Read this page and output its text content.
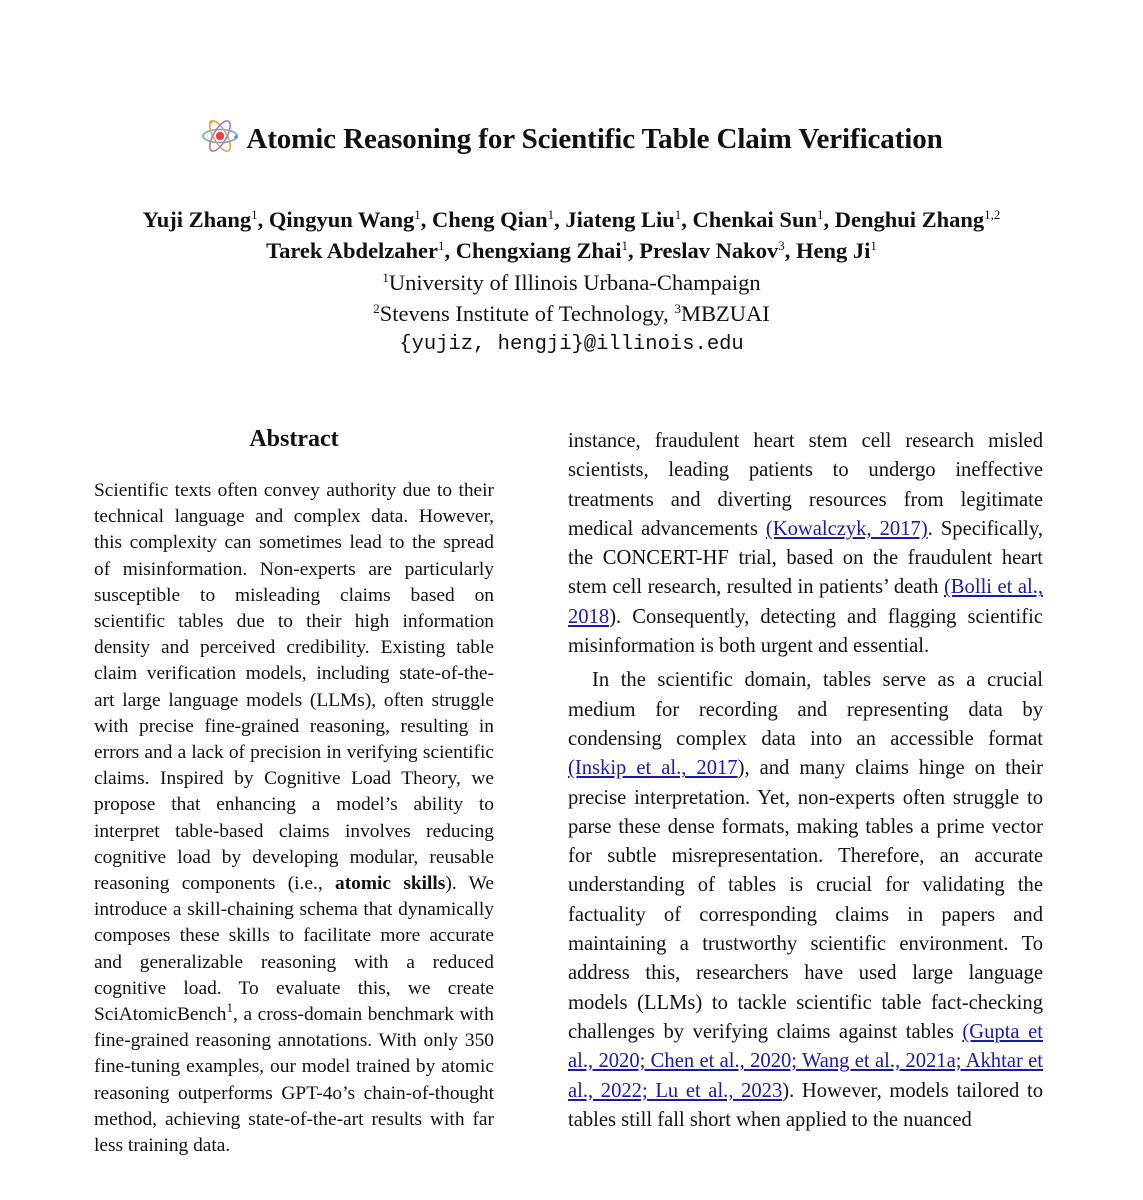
Atomic Reasoning for Scientific Table Claim Verification
Yuji Zhang$^1$, Qingyun Wang$^1$, Cheng Qian$^1$, Jiateng Liu$^1$, Chenkai Sun$^1$, Denghui Zhang$^{1,2}$
Tarek Abdelzaher$^1$, Chengxiang Zhai$^1$, Preslav Nakov$^3$, Heng Ji$^1$
$^1$University of Illinois Urbana-Champaign
$^2$Stevens Institute of Technology, $^3$MBZUAI
{yujiz, hengji}@illinois.edu
Abstract

Scientific texts often convey authority due to their technical language and complex data. However, this complexity can sometimes lead to the spread of misinformation. Non-experts are particularly susceptible to misleading claims based on scientific tables due to their high information density and perceived credibility. Existing table claim verification models, including state-of-the-art large language models (LLMs), often struggle with precise fine-grained reasoning, resulting in errors and a lack of precision in verifying scientific claims. Inspired by Cognitive Load Theory, we propose that enhancing a model’s ability to interpret table-based claims involves reducing cognitive load by developing modular, reusable reasoning components (i.e., atomic skills). We introduce a skill-chaining schema that dynamically composes these skills to facilitate more accurate and generalizable reasoning with a reduced cognitive load. To evaluate this, we create SciAtomicBench$^1$, a cross-domain benchmark with fine-grained reasoning annotations. With only 350 fine-tuning examples, our model trained by atomic reasoning outperforms GPT-4o’s chain-of-thought method, achieving state-of-the-art results with far less training data.

instance, fraudulent heart stem cell research misled scientists, leading patients to undergo ineffective treatments and diverting resources from legitimate medical advancements (Kowalczyk, 2017). Specifically, the CONCERT-HF trial, based on the fraudulent heart stem cell research, resulted in patients’ death (Bolli et al., 2018). Consequently, detecting and flagging scientific misinformation is both urgent and essential.

In the scientific domain, tables serve as a crucial medium for recording and representing data by condensing complex data into an accessible format (Inskip et al., 2017), and many claims hinge on their precise interpretation. Yet, non-experts often struggle to parse these dense formats, making tables a prime vector for subtle misrepresentation. Therefore, an accurate understanding of tables is crucial for validating the factuality of corresponding claims in papers and maintaining a trustworthy scientific environment. To address this, researchers have used large language models (LLMs) to tackle scientific table fact-checking challenges by verifying claims against tables (Gupta et al., 2020; Chen et al., 2020; Wang et al., 2021a; Akhtar et al., 2022; Lu et al., 2023). However, models tailored to tables still fall short when applied to the nuanced
